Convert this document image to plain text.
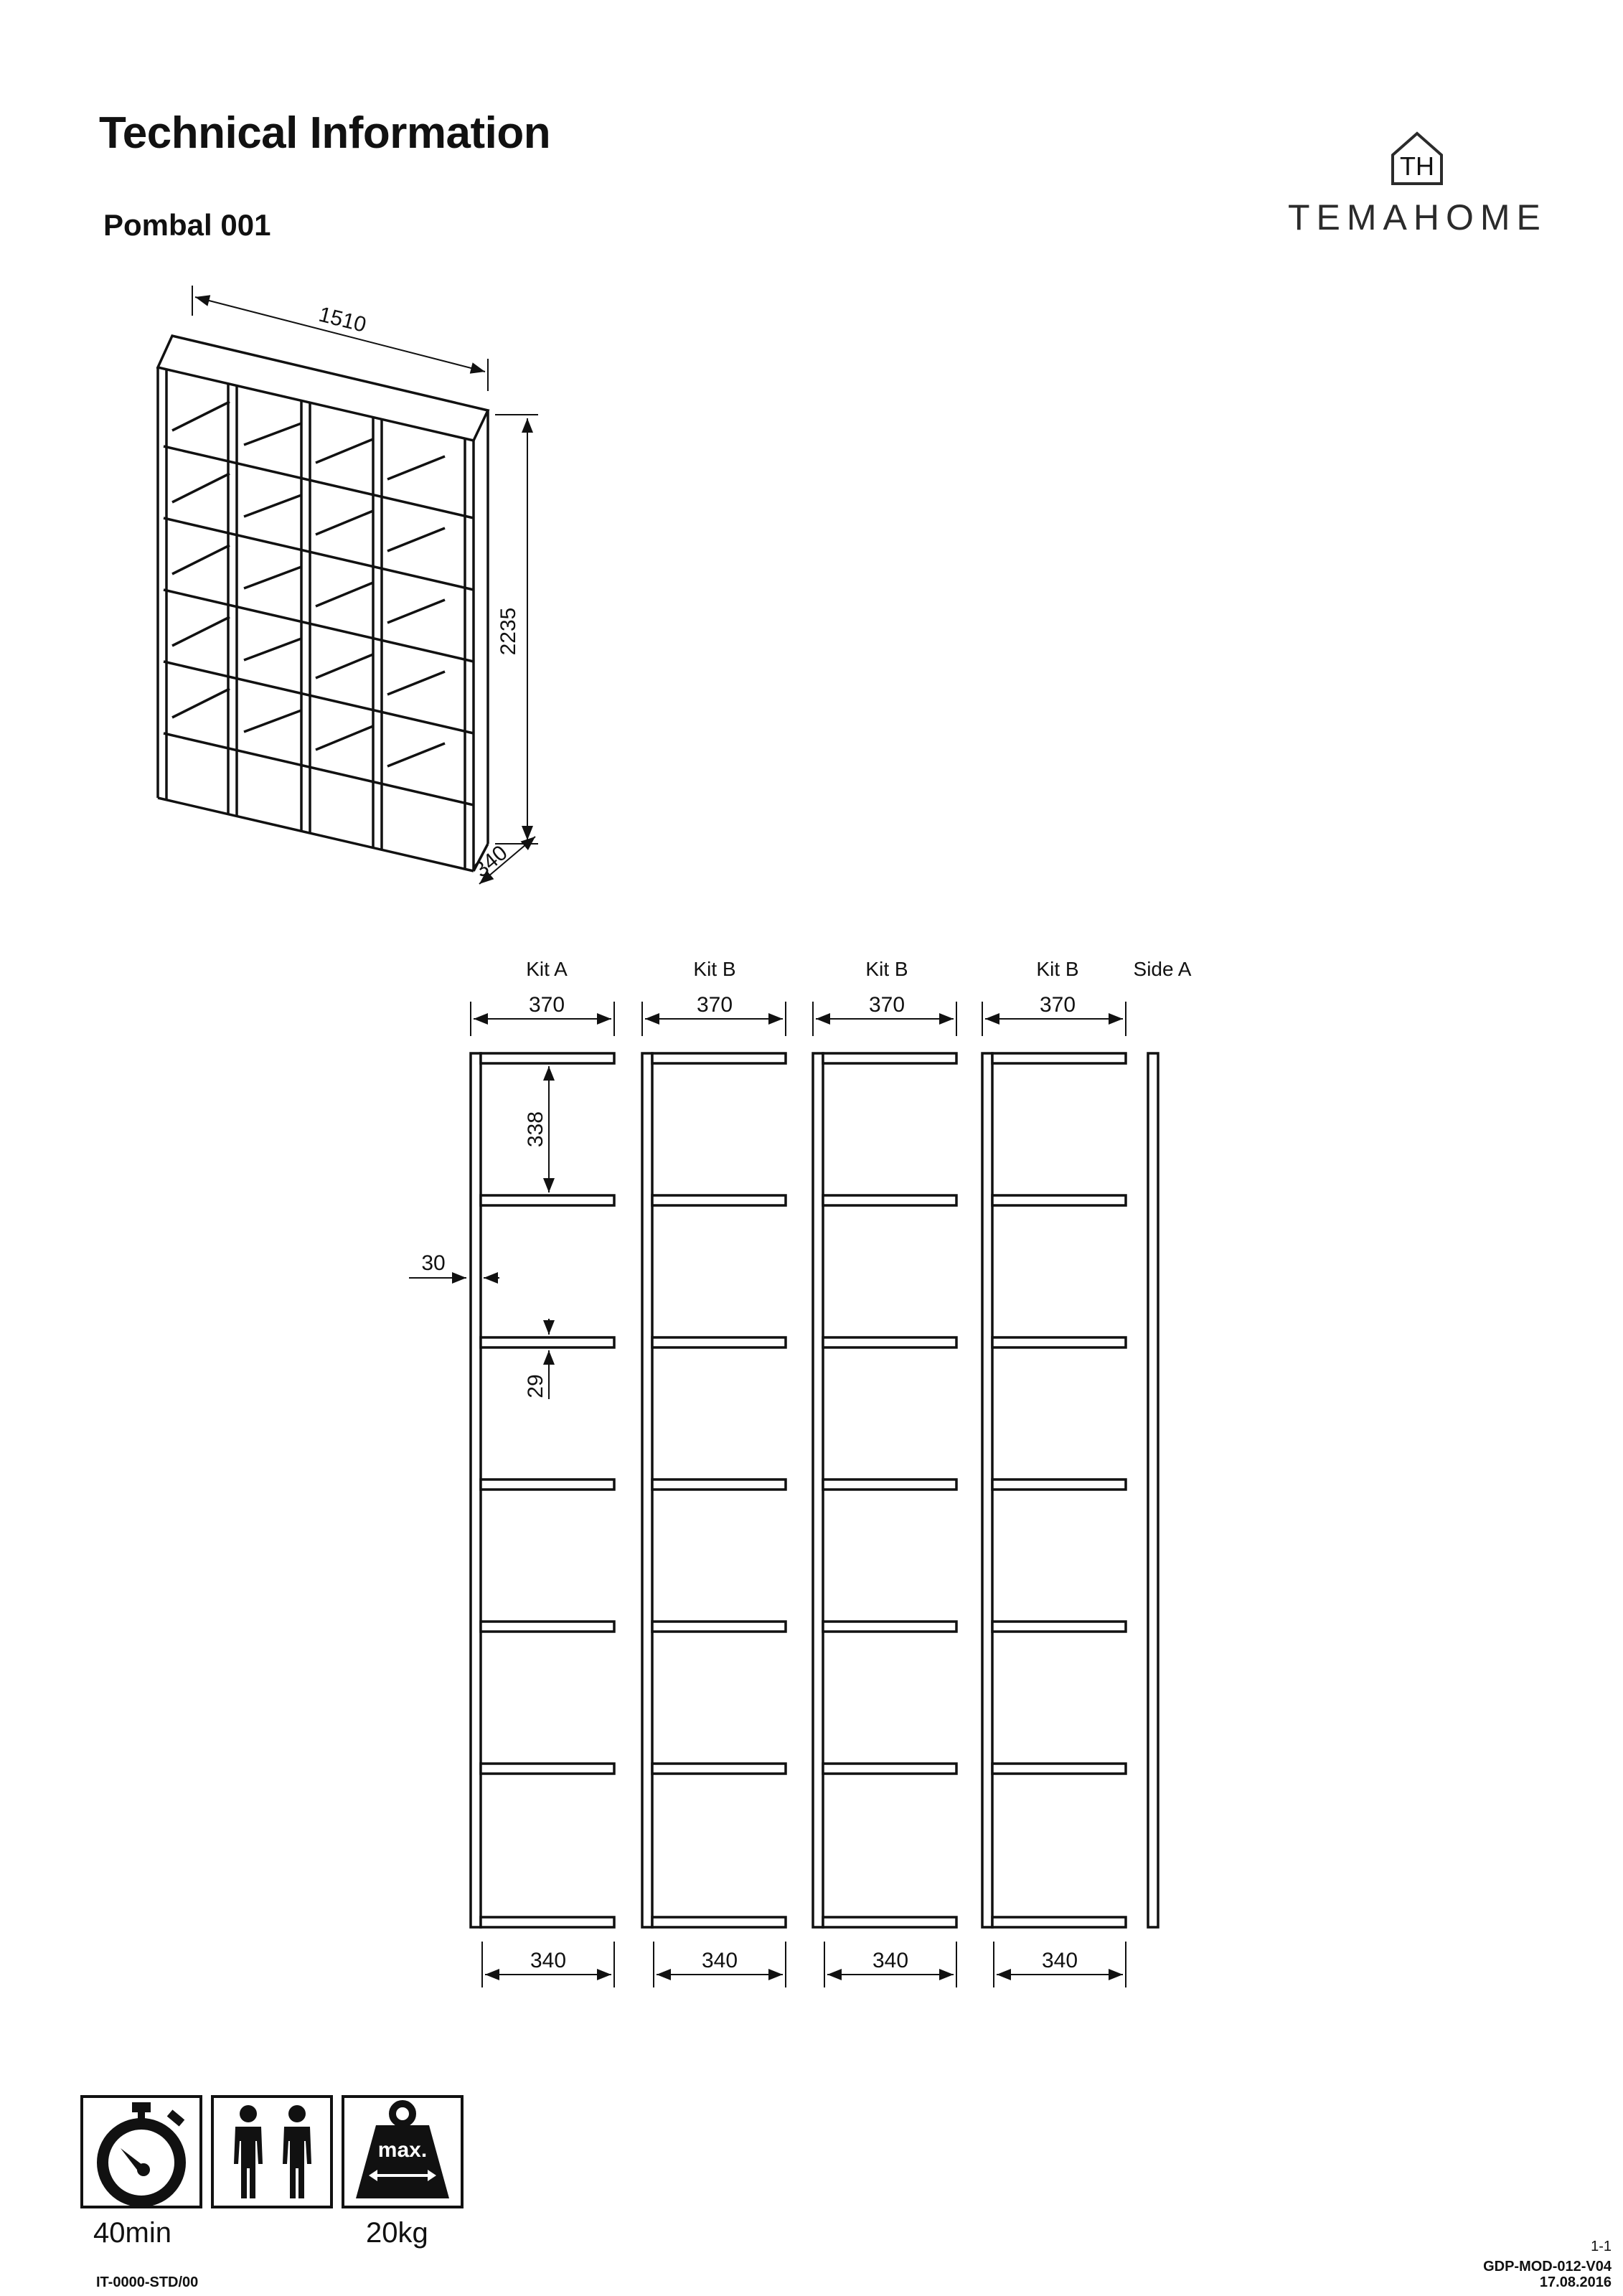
Technical Information
Pombal 001
TH
TEMAHOME
1510
2235
340
Kit A	Kit B	Kit B	Kit B	Side A
370	370	370	370
338
30
29
340	340	340	340
max.
40min	20kg
IT-0000-STD/00
1-1
GDP-MOD-012-V04
17.08.2016
